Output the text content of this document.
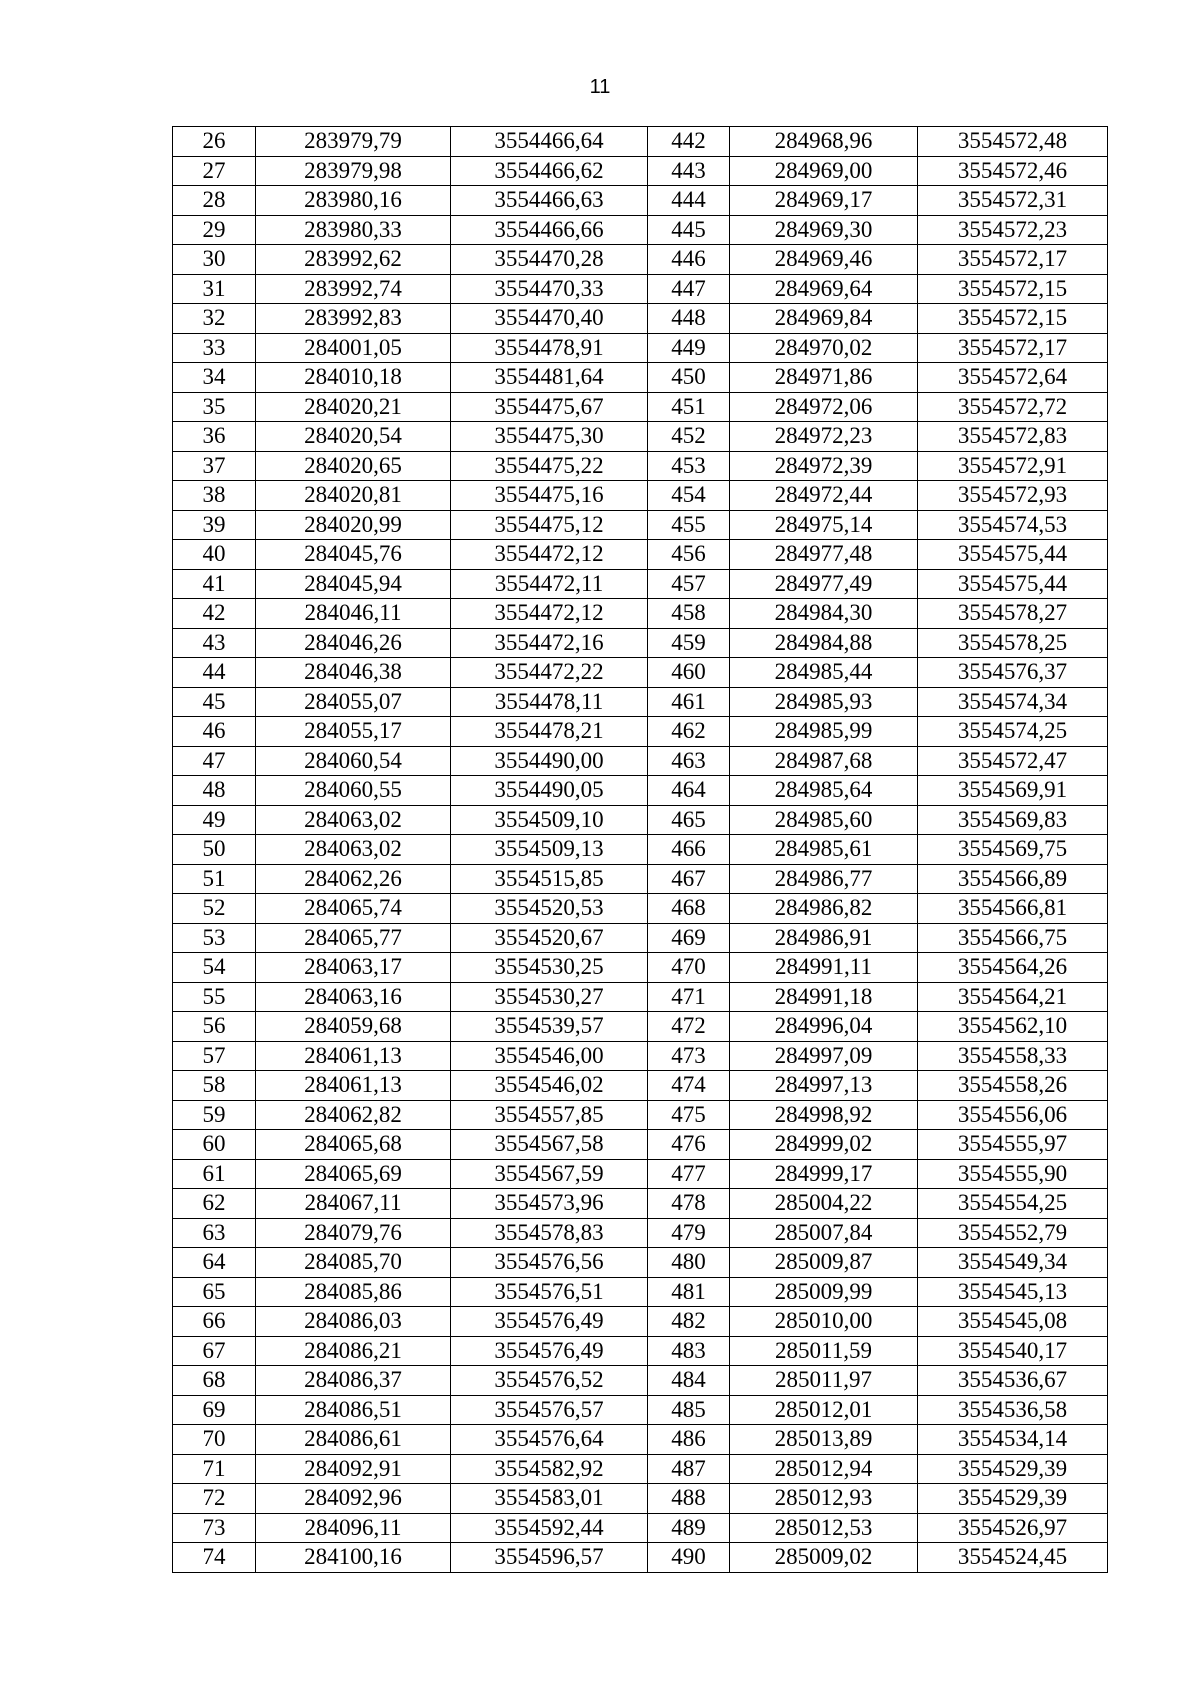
11
26	283979,79	3554466,64	442	284968,96	3554572,48
27	283979,98	3554466,62	443	284969,00	3554572,46
28	283980,16	3554466,63	444	284969,17	3554572,31
29	283980,33	3554466,66	445	284969,30	3554572,23
30	283992,62	3554470,28	446	284969,46	3554572,17
31	283992,74	3554470,33	447	284969,64	3554572,15
32	283992,83	3554470,40	448	284969,84	3554572,15
33	284001,05	3554478,91	449	284970,02	3554572,17
34	284010,18	3554481,64	450	284971,86	3554572,64
35	284020,21	3554475,67	451	284972,06	3554572,72
36	284020,54	3554475,30	452	284972,23	3554572,83
37	284020,65	3554475,22	453	284972,39	3554572,91
38	284020,81	3554475,16	454	284972,44	3554572,93
39	284020,99	3554475,12	455	284975,14	3554574,53
40	284045,76	3554472,12	456	284977,48	3554575,44
41	284045,94	3554472,11	457	284977,49	3554575,44
42	284046,11	3554472,12	458	284984,30	3554578,27
43	284046,26	3554472,16	459	284984,88	3554578,25
44	284046,38	3554472,22	460	284985,44	3554576,37
45	284055,07	3554478,11	461	284985,93	3554574,34
46	284055,17	3554478,21	462	284985,99	3554574,25
47	284060,54	3554490,00	463	284987,68	3554572,47
48	284060,55	3554490,05	464	284985,64	3554569,91
49	284063,02	3554509,10	465	284985,60	3554569,83
50	284063,02	3554509,13	466	284985,61	3554569,75
51	284062,26	3554515,85	467	284986,77	3554566,89
52	284065,74	3554520,53	468	284986,82	3554566,81
53	284065,77	3554520,67	469	284986,91	3554566,75
54	284063,17	3554530,25	470	284991,11	3554564,26
55	284063,16	3554530,27	471	284991,18	3554564,21
56	284059,68	3554539,57	472	284996,04	3554562,10
57	284061,13	3554546,00	473	284997,09	3554558,33
58	284061,13	3554546,02	474	284997,13	3554558,26
59	284062,82	3554557,85	475	284998,92	3554556,06
60	284065,68	3554567,58	476	284999,02	3554555,97
61	284065,69	3554567,59	477	284999,17	3554555,90
62	284067,11	3554573,96	478	285004,22	3554554,25
63	284079,76	3554578,83	479	285007,84	3554552,79
64	284085,70	3554576,56	480	285009,87	3554549,34
65	284085,86	3554576,51	481	285009,99	3554545,13
66	284086,03	3554576,49	482	285010,00	3554545,08
67	284086,21	3554576,49	483	285011,59	3554540,17
68	284086,37	3554576,52	484	285011,97	3554536,67
69	284086,51	3554576,57	485	285012,01	3554536,58
70	284086,61	3554576,64	486	285013,89	3554534,14
71	284092,91	3554582,92	487	285012,94	3554529,39
72	284092,96	3554583,01	488	285012,93	3554529,39
73	284096,11	3554592,44	489	285012,53	3554526,97
74	284100,16	3554596,57	490	285009,02	3554524,45
